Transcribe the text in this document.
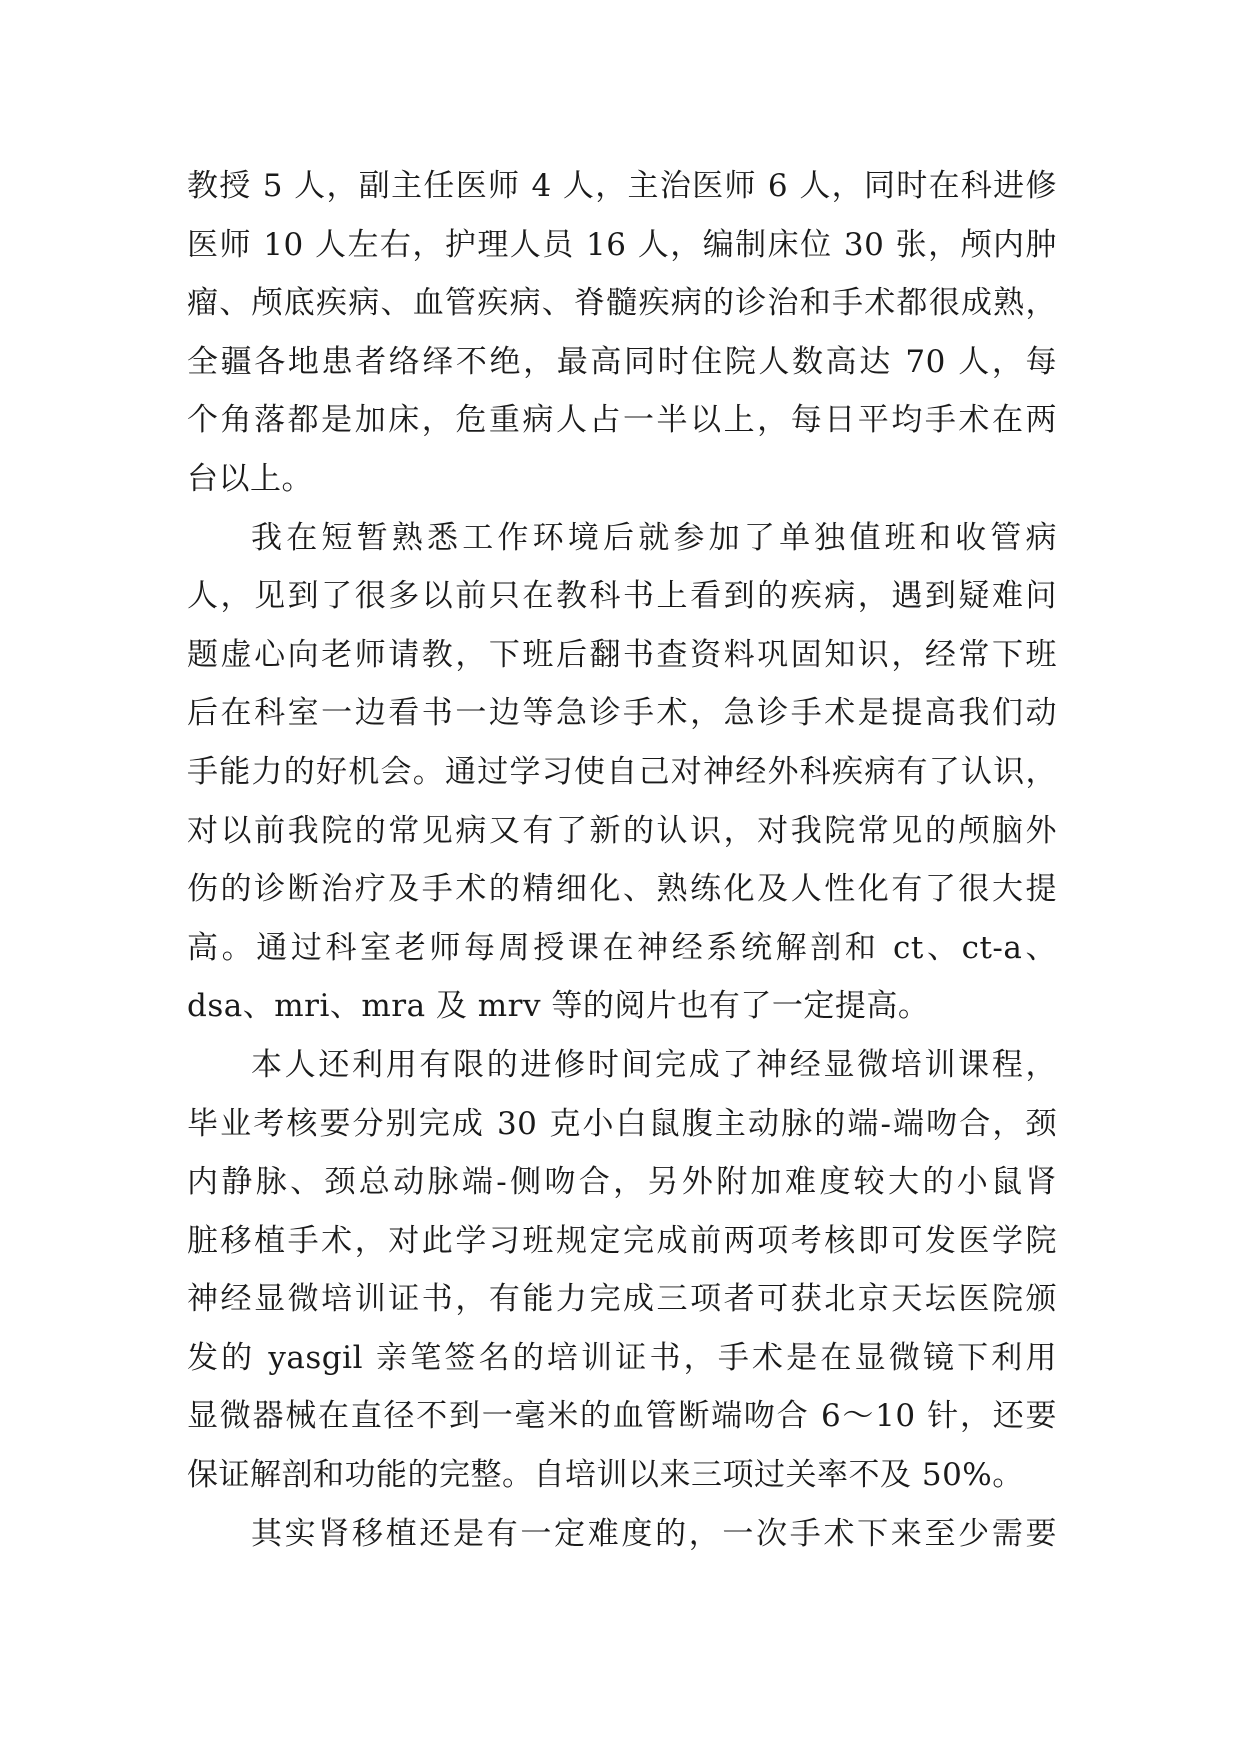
教授 5 人，副主任医师 4 人，主治医师 6 人，同时在科进修
医师 10 人左右，护理人员 16 人，编制床位 30 张，颅内肿
瘤、颅底疾病、血管疾病、脊髓疾病的诊治和手术都很成熟，
全疆各地患者络绎不绝，最高同时住院人数高达 70 人，每
个角落都是加床，危重病人占一半以上，每日平均手术在两
台以上。
我在短暂熟悉工作环境后就参加了单独值班和收管病
人，见到了很多以前只在教科书上看到的疾病，遇到疑难问
题虚心向老师请教，下班后翻书查资料巩固知识，经常下班
后在科室一边看书一边等急诊手术，急诊手术是提高我们动
手能力的好机会。通过学习使自己对神经外科疾病有了认识，
对以前我院的常见病又有了新的认识，对我院常见的颅脑外
伤的诊断治疗及手术的精细化、熟练化及人性化有了很大提
高。通过科室老师每周授课在神经系统解剖和 ct、ct-a、
dsa、mri、mra 及 mrv 等的阅片也有了一定提高。
本人还利用有限的进修时间完成了神经显微培训课程，
毕业考核要分别完成 30 克小白鼠腹主动脉的端-端吻合，颈
内静脉、颈总动脉端-侧吻合，另外附加难度较大的小鼠肾
脏移植手术，对此学习班规定完成前两项考核即可发医学院
神经显微培训证书，有能力完成三项者可获北京天坛医院颁
发的 yasgil 亲笔签名的培训证书，手术是在显微镜下利用
显微器械在直径不到一毫米的血管断端吻合 6～10 针，还要
保证解剖和功能的完整。自培训以来三项过关率不及 50%。
其实肾移植还是有一定难度的，一次手术下来至少需要
